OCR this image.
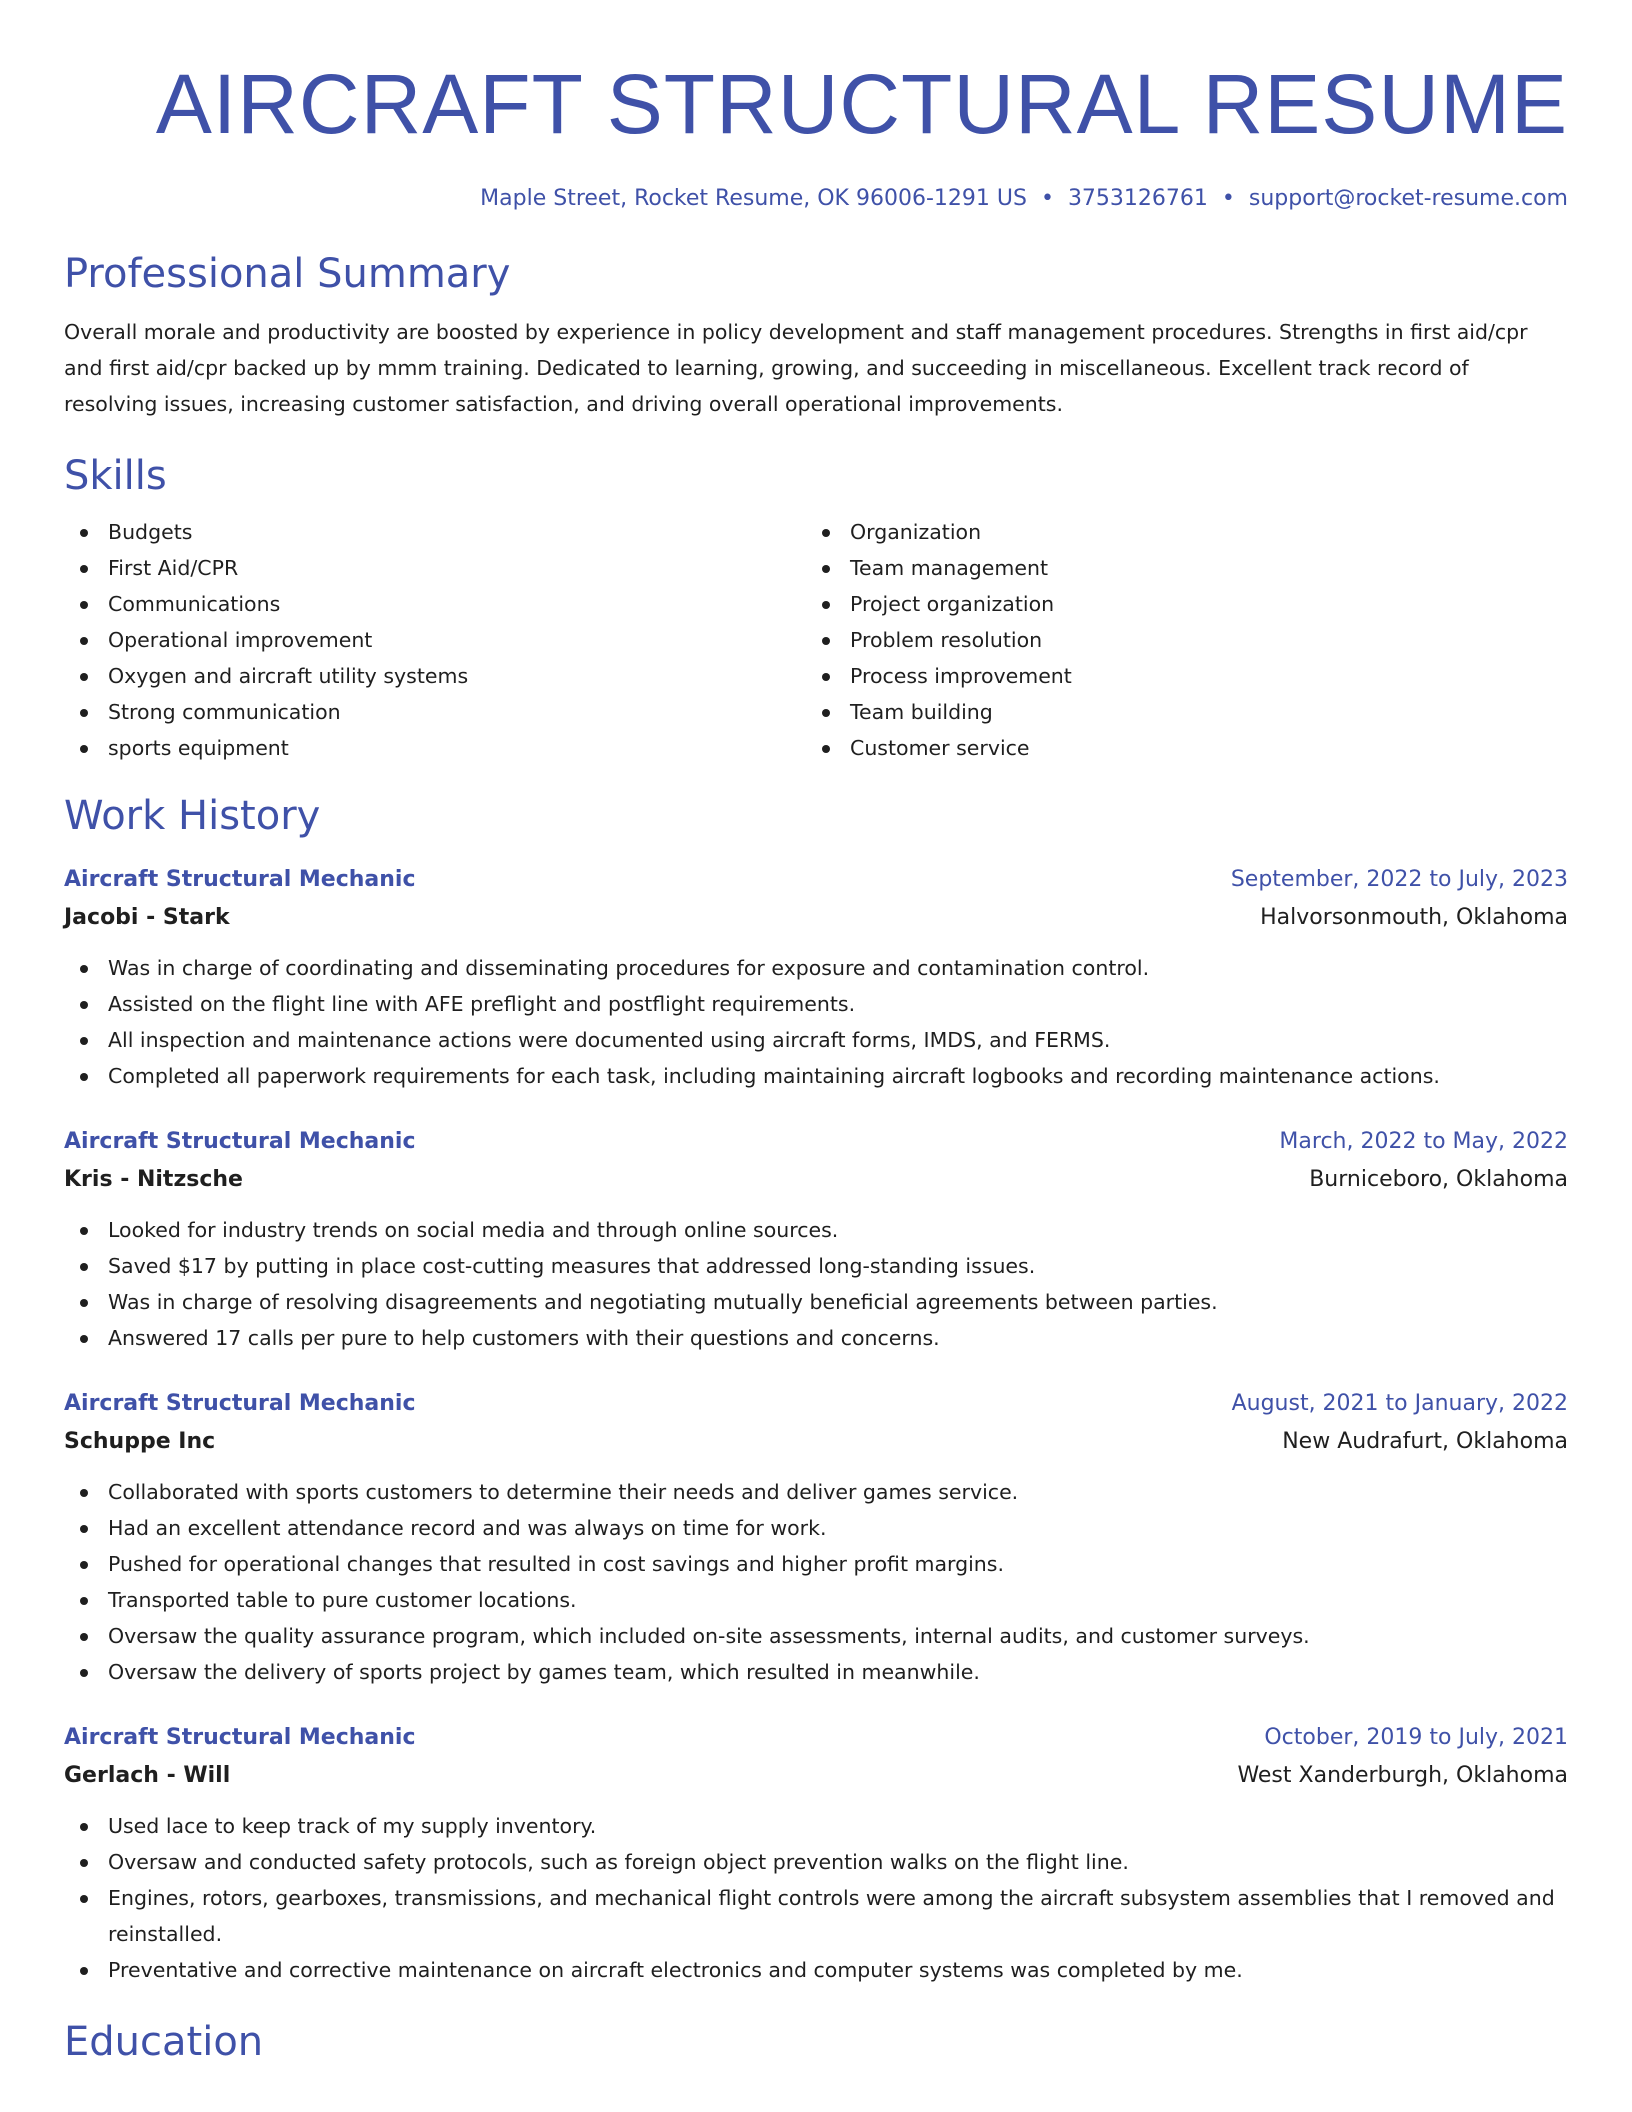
AIRCRAFT STRUCTURAL RESUME
Maple Street, Rocket Resume, OK 96006-1291 US • 3753126761 • support@rocket-resume.com
Professional Summary
Overall morale and productivity are boosted by experience in policy development and staff management procedures. Strengths in first aid/cpr and first aid/cpr backed up by mmm training. Dedicated to learning, growing, and succeeding in miscellaneous. Excellent track record of resolving issues, increasing customer satisfaction, and driving overall operational improvements.
Skills
Budgets
First Aid/CPR
Communications
Operational improvement
Oxygen and aircraft utility systems
Strong communication
sports equipment
Organization
Team management
Project organization
Problem resolution
Process improvement
Team building
Customer service
Work History
Aircraft Structural Mechanic	September, 2022 to July, 2023
Jacobi - Stark	Halvorsonmouth, Oklahoma
Was in charge of coordinating and disseminating procedures for exposure and contamination control.
Assisted on the flight line with AFE preflight and postflight requirements.
All inspection and maintenance actions were documented using aircraft forms, IMDS, and FERMS.
Completed all paperwork requirements for each task, including maintaining aircraft logbooks and recording maintenance actions.
Aircraft Structural Mechanic	March, 2022 to May, 2022
Kris - Nitzsche	Burniceboro, Oklahoma
Looked for industry trends on social media and through online sources.
Saved $17 by putting in place cost-cutting measures that addressed long-standing issues.
Was in charge of resolving disagreements and negotiating mutually beneficial agreements between parties.
Answered 17 calls per pure to help customers with their questions and concerns.
Aircraft Structural Mechanic	August, 2021 to January, 2022
Schuppe Inc	New Audrafurt, Oklahoma
Collaborated with sports customers to determine their needs and deliver games service.
Had an excellent attendance record and was always on time for work.
Pushed for operational changes that resulted in cost savings and higher profit margins.
Transported table to pure customer locations.
Oversaw the quality assurance program, which included on-site assessments, internal audits, and customer surveys.
Oversaw the delivery of sports project by games team, which resulted in meanwhile.
Aircraft Structural Mechanic	October, 2019 to July, 2021
Gerlach - Will	West Xanderburgh, Oklahoma
Used lace to keep track of my supply inventory.
Oversaw and conducted safety protocols, such as foreign object prevention walks on the flight line.
Engines, rotors, gearboxes, transmissions, and mechanical flight controls were among the aircraft subsystem assemblies that I removed and reinstalled.
Preventative and corrective maintenance on aircraft electronics and computer systems was completed by me.
Education
